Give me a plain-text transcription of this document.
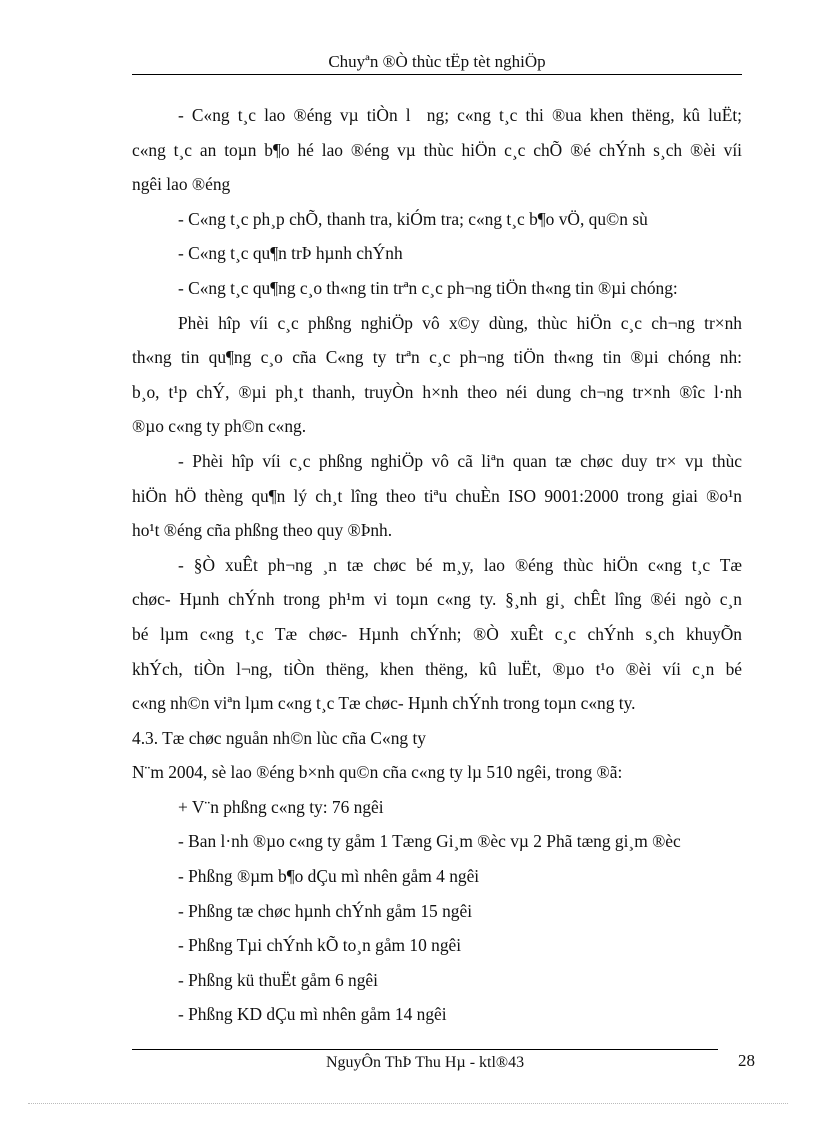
Chuyªn ®Ò thùc tËp tèt nghiÖp
- C«ng t¸c lao ®éng vµ tiÒn l  ng; c«ng t¸c thi ®ua khen thëng, kû luËt;
c«ng t¸c an toµn b¶o hé lao ®éng vµ thùc hiÖn c¸c chÕ ®é chÝnh s¸ch ®èi víi
ngêi lao ®éng
- C«ng t¸c ph¸p chÕ, thanh tra, kiÓm tra; c«ng t¸c b¶o vÖ, qu©n sù
- C«ng t¸c qu¶n trÞ hµnh chÝnh
- C«ng t¸c qu¶ng c¸o th«ng tin trªn c¸c ph¬ng tiÖn th«ng tin ®µi chóng:
Phèi hîp víi c¸c phßng nghiÖp vô x©y dùng, thùc hiÖn c¸c ch¬ng tr×nh
th«ng tin qu¶ng c¸o cña C«ng ty trªn c¸c ph¬ng tiÖn th«ng tin ®µi chóng nh:
b¸o, t¹p chÝ, ®µi ph¸t thanh, truyÒn h×nh theo néi dung ch¬ng tr×nh ®îc l·nh
®µo c«ng ty ph©n c«ng.
- Phèi hîp víi c¸c phßng nghiÖp vô cã liªn quan tæ chøc duy tr× vµ thùc
hiÖn hÖ thèng qu¶n lý ch¸t lîng theo tiªu chuÈn ISO 9001:2000 trong giai ®o¹n
ho¹t ®éng cña phßng theo quy ®Þnh.
- §Ò xuÊt ph¬ng ¸n tæ chøc bé m¸y, lao ®éng thùc hiÖn c«ng t¸c Tæ
chøc- Hµnh chÝnh trong ph¹m vi toµn c«ng ty. §¸nh gi¸ chÊt lîng ®éi ngò c¸n
bé lµm c«ng t¸c Tæ chøc- Hµnh chÝnh; ®Ò xuÊt c¸c chÝnh s¸ch khuyÕn
khÝch, tiÒn l¬ng, tiÒn thëng, khen thëng, kû luËt, ®µo t¹o ®èi víi c¸n bé
c«ng nh©n viªn lµm c«ng t¸c Tæ chøc- Hµnh chÝnh trong toµn c«ng ty.
4.3. Tæ chøc nguån nh©n lùc cña C«ng ty
N¨m 2004, sè lao ®éng b×nh qu©n cña c«ng ty lµ 510 ngêi, trong ®ã:
+ V¨n phßng c«ng ty: 76 ngêi
- Ban l·nh ®µo c«ng ty gåm 1 Tæng Gi¸m ®èc vµ 2 Phã tæng gi¸m ®èc
- Phßng ®µm b¶o dÇu mì nhên gåm 4 ngêi
- Phßng tæ chøc hµnh chÝnh gåm 15 ngêi
- Phßng Tµi chÝnh kÕ to¸n gåm 10 ngêi
- Phßng kü thuËt gåm 6 ngêi
- Phßng KD dÇu mì nhên gåm 14 ngêi
NguyÔn ThÞ Thu Hµ - ktl®43	28
